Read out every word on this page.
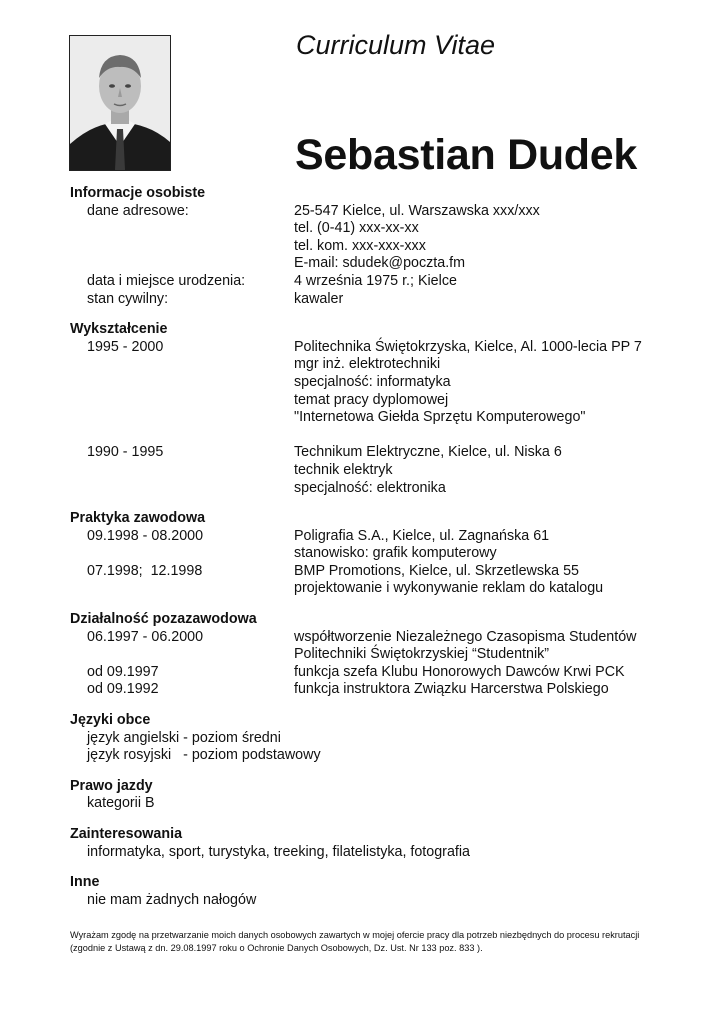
Curriculum Vitae
Sebastian Dudek
Informacje osobiste
dane adresowe:	25-547 Kielce, ul. Warszawska xxx/xxx
tel. (0-41) xxx-xx-xx
tel. kom. xxx-xxx-xxx
E-mail: sdudek@poczta.fm
data i miejsce urodzenia:	4 września 1975 r.; Kielce
stan cywilny:	kawaler
Wykształcenie
1995 - 2000	Politechnika Świętokrzyska, Kielce, Al. 1000-lecia PP 7
mgr inż. elektrotechniki
specjalność: informatyka
temat pracy dyplomowej
"Internetowa Giełda Sprzętu Komputerowego"
1990 - 1995	Technikum Elektryczne, Kielce, ul. Niska 6
technik elektryk
specjalność: elektronika
Praktyka zawodowa
09.1998 - 08.2000	Poligrafia S.A., Kielce, ul. Zagnańska 61
stanowisko: grafik komputerowy
07.1998;  12.1998	BMP Promotions, Kielce, ul. Skrzetlewska 55
projektowanie i wykonywanie reklam do katalogu
Działalność pozazawodowa
06.1997 - 06.2000	współtworzenie Niezależnego Czasopisma Studentów
Politechniki Świętokrzyskiej “Studentnik”
od 09.1997	funkcja szefa Klubu Honorowych Dawców Krwi PCK
od 09.1992	funkcja instruktora Związku Harcerstwa Polskiego
Języki obce
język angielski - poziom średni
język rosyjski   - poziom podstawowy
Prawo jazdy
kategorii B
Zainteresowania
informatyka, sport, turystyka, treeking, filatelistyka, fotografia
Inne
nie mam żadnych nałogów
Wyrażam zgodę na przetwarzanie moich danych osobowych zawartych w mojej ofercie pracy dla potrzeb niezbędnych do procesu rekrutacji
(zgodnie z Ustawą z dn. 29.08.1997 roku o Ochronie Danych Osobowych, Dz. Ust. Nr 133 poz. 833 ).
